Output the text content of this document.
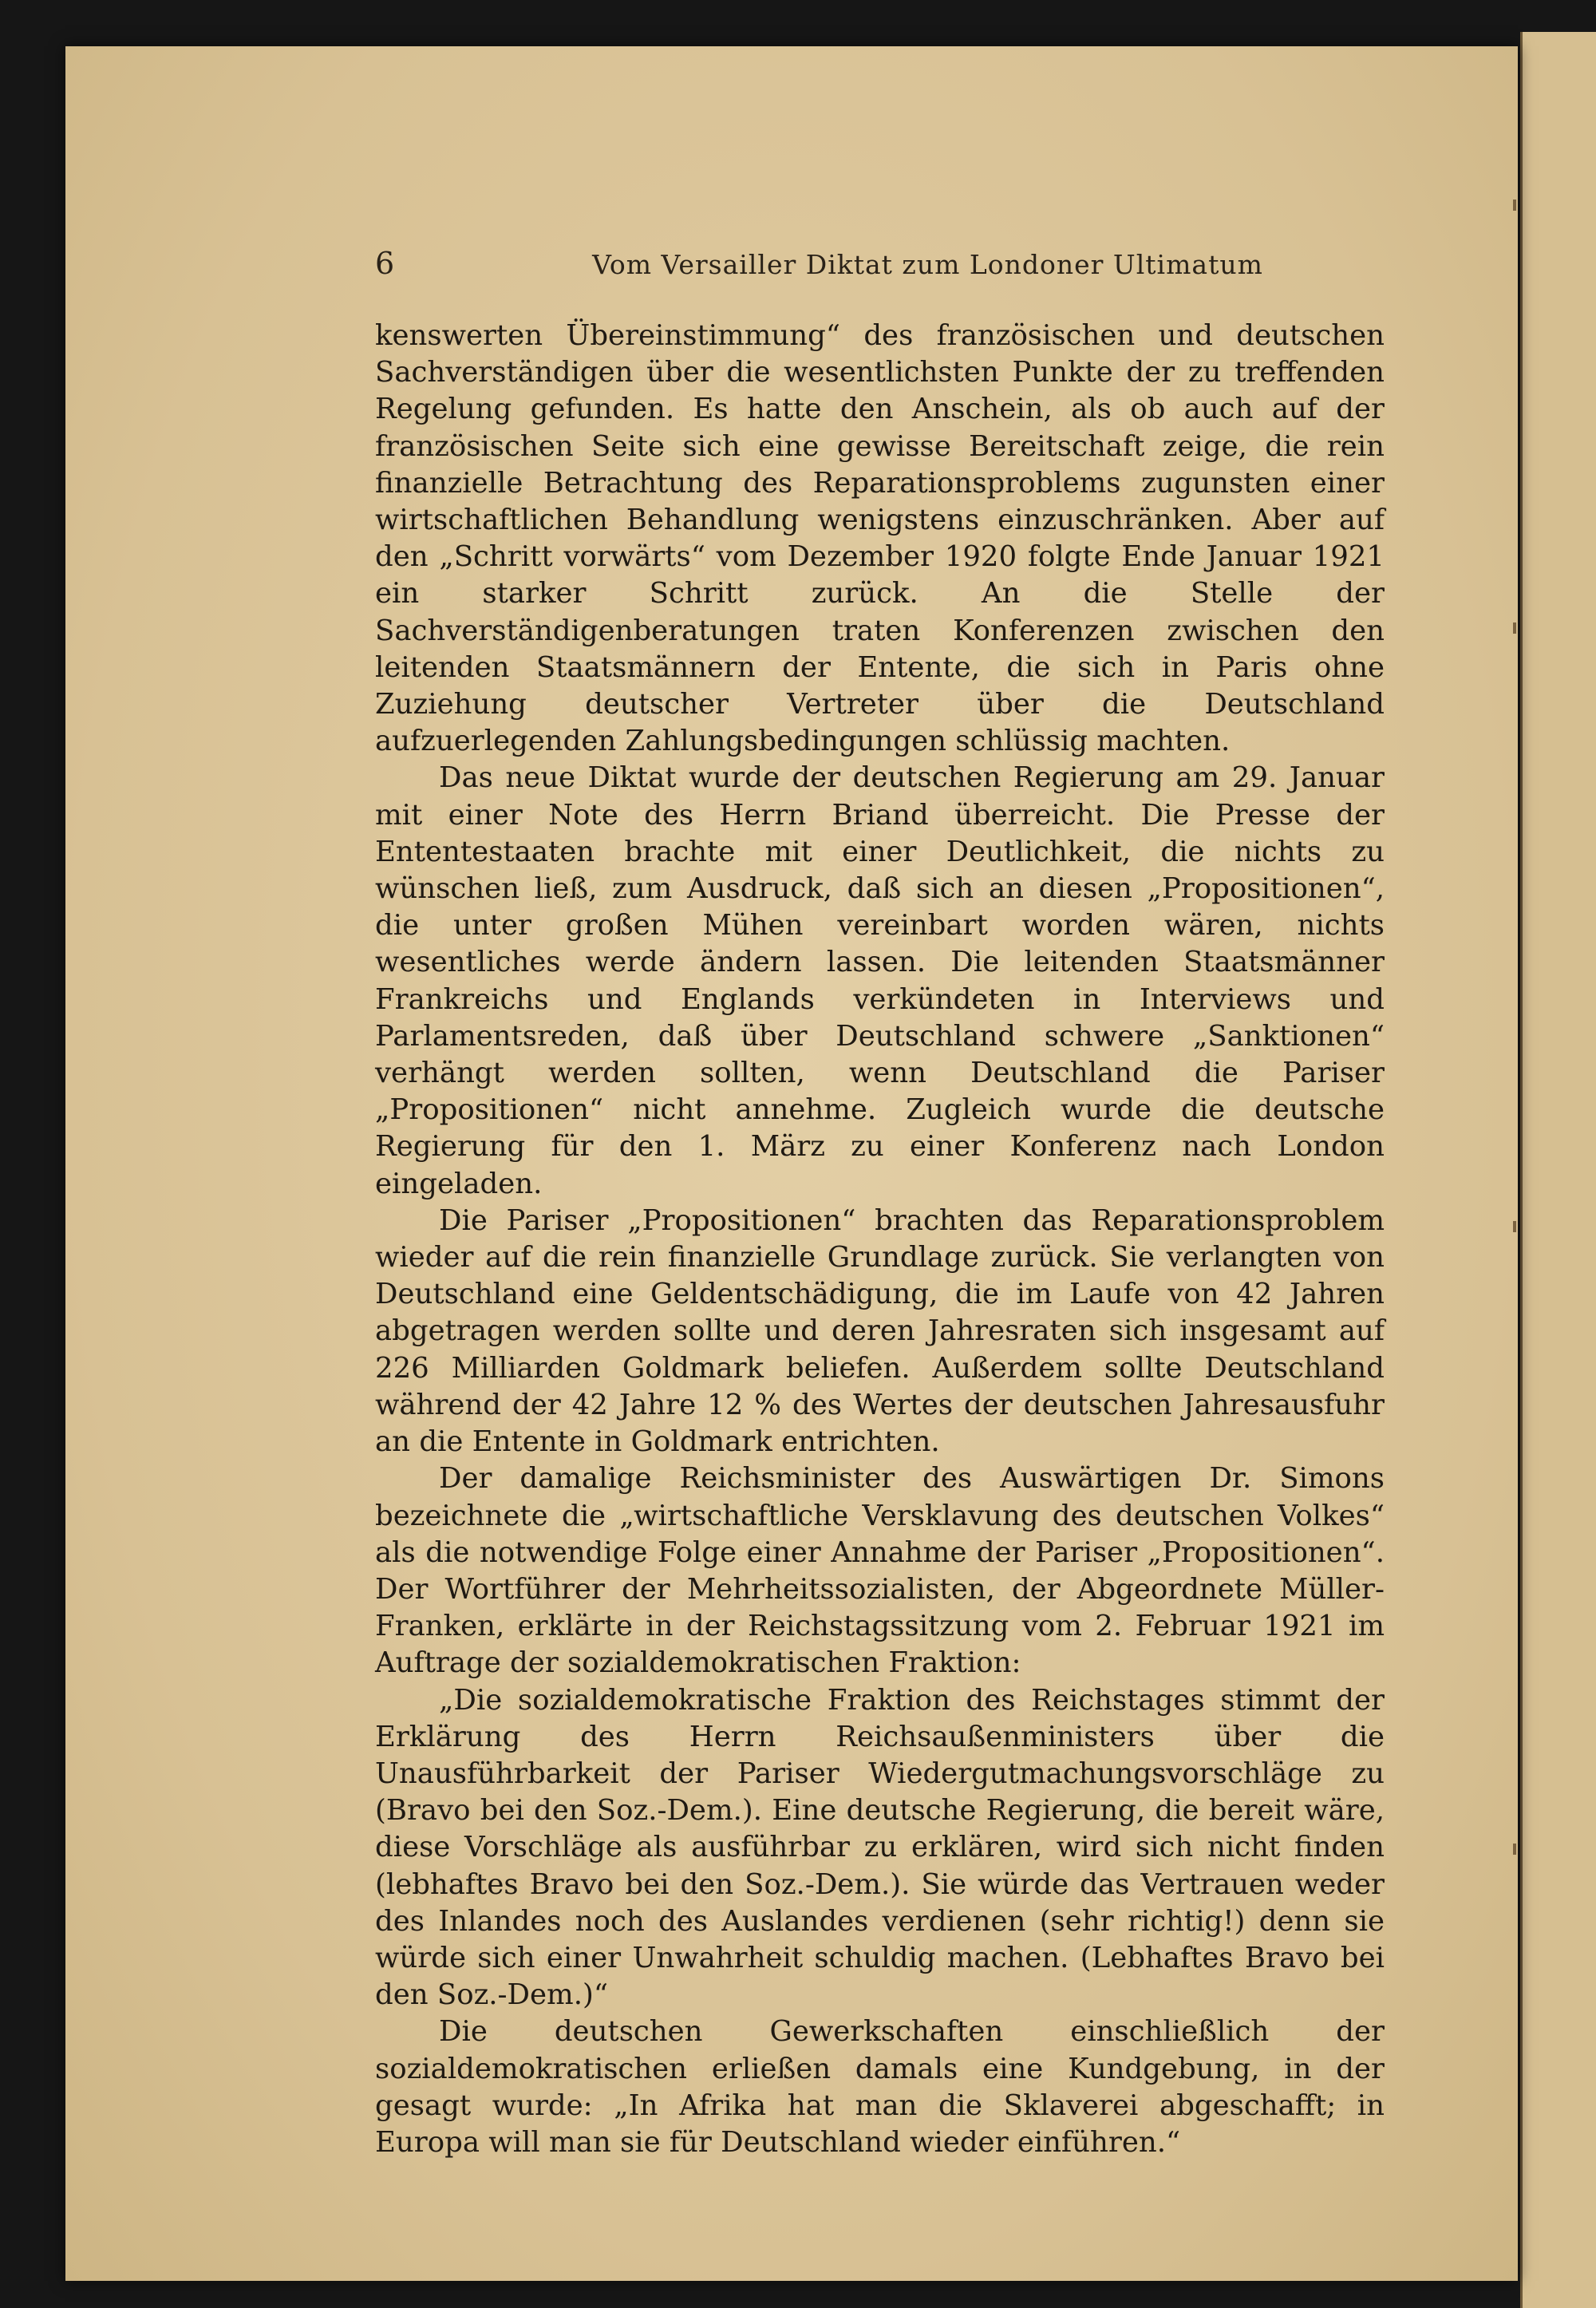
6	Vom Versailler Diktat zum Londoner Ultimatum

kenswerten Übereinstimmung“ des französischen und deutschen Sachverständigen über die wesentlichsten Punkte der zu treffenden Regelung gefunden. Es hatte den Anschein, als ob auch auf der französischen Seite sich eine gewisse Bereitschaft zeige, die rein finanzielle Betrachtung des Reparationsproblems zugunsten einer wirtschaftlichen Behandlung wenigstens einzuschränken. Aber auf den „Schritt vorwärts“ vom Dezember 1920 folgte Ende Januar 1921 ein starker Schritt zurück. An die Stelle der Sachverständigenberatungen traten Konferenzen zwischen den leitenden Staatsmännern der Entente, die sich in Paris ohne Zuziehung deutscher Vertreter über die Deutschland aufzuerlegenden Zahlungsbedingungen schlüssig machten.

Das neue Diktat wurde der deutschen Regierung am 29. Januar mit einer Note des Herrn Briand überreicht. Die Presse der Ententestaaten brachte mit einer Deutlichkeit, die nichts zu wünschen ließ, zum Ausdruck, daß sich an diesen „Propositionen“, die unter großen Mühen vereinbart worden wären, nichts wesentliches werde ändern lassen. Die leitenden Staatsmänner Frankreichs und Englands verkündeten in Interviews und Parlamentsreden, daß über Deutschland schwere „Sanktionen“ verhängt werden sollten, wenn Deutschland die Pariser „Propositionen“ nicht annehme. Zugleich wurde die deutsche Regierung für den 1. März zu einer Konferenz nach London eingeladen.

Die Pariser „Propositionen“ brachten das Reparationsproblem wieder auf die rein finanzielle Grundlage zurück. Sie verlangten von Deutschland eine Geldentschädigung, die im Laufe von 42 Jahren abgetragen werden sollte und deren Jahresraten sich insgesamt auf 226 Milliarden Goldmark beliefen. Außerdem sollte Deutschland während der 42 Jahre 12 % des Wertes der deutschen Jahresausfuhr an die Entente in Goldmark entrichten.

Der damalige Reichsminister des Auswärtigen Dr. Simons bezeichnete die „wirtschaftliche Versklavung des deutschen Volkes“ als die notwendige Folge einer Annahme der Pariser „Propositionen“. Der Wortführer der Mehrheitssozialisten, der Abgeordnete Müller-Franken, erklärte in der Reichstagssitzung vom 2. Februar 1921 im Auftrage der sozialdemokratischen Fraktion:

„Die sozialdemokratische Fraktion des Reichstages stimmt der Erklärung des Herrn Reichsaußenministers über die Unausführbarkeit der Pariser Wiedergutmachungsvorschläge zu (Bravo bei den Soz.-Dem.). Eine deutsche Regierung, die bereit wäre, diese Vorschläge als ausführbar zu erklären, wird sich nicht finden (lebhaftes Bravo bei den Soz.-Dem.). Sie würde das Vertrauen weder des Inlandes noch des Auslandes verdienen (sehr richtig!) denn sie würde sich einer Unwahrheit schuldig machen. (Lebhaftes Bravo bei den Soz.-Dem.)“

Die deutschen Gewerkschaften einschließlich der sozialdemokratischen erließen damals eine Kundgebung, in der gesagt wurde: „In Afrika hat man die Sklaverei abgeschafft; in Europa will man sie für Deutschland wieder einführen.“
